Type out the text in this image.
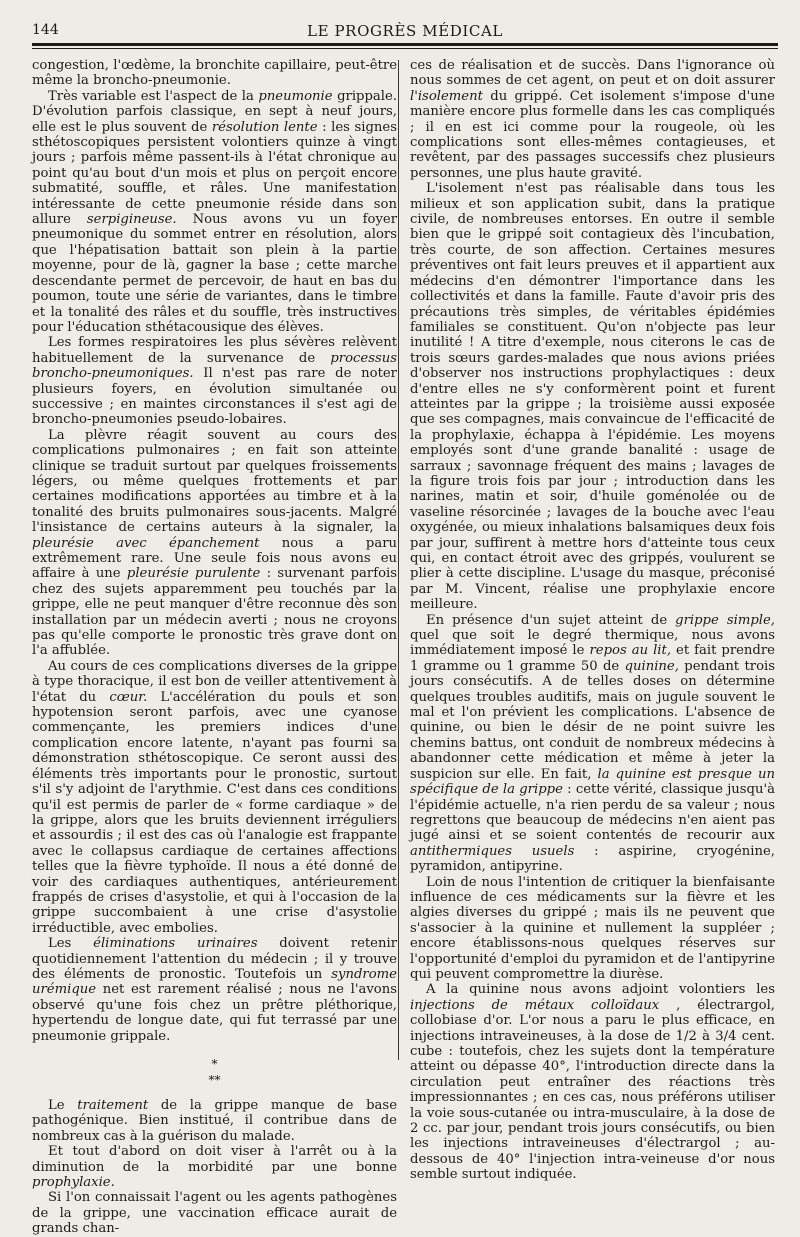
144	LE PROGRÈS MÉDICAL

congestion, l'œdème, la bronchite capillaire, peut-être même la broncho-pneumonie.

Très variable est l'aspect de la pneumonie grippale. D'évolution parfois classique, en sept à neuf jours, elle est le plus souvent de résolution lente : les signes sthétoscopiques persistent volontiers quinze à vingt jours ; parfois même passent-ils à l'état chronique au point qu'au bout d'un mois et plus on perçoit encore submatité, souffle, et râles. Une manifestation intéressante de cette pneumonie réside dans son allure serpigineuse. Nous avons vu un foyer pneumonique du sommet entrer en résolution, alors que l'hépatisation battait son plein à la partie moyenne, pour de là, gagner la base ; cette marche descendante permet de percevoir, de haut en bas du poumon, toute une série de variantes, dans le timbre et la tonalité des râles et du souffle, très instructives pour l'éducation sthétacousique des élèves.

Les formes respiratoires les plus sévères relèvent habituellement de la survenance de processus broncho-pneumoniques. Il n'est pas rare de noter plusieurs foyers, en évolution simultanée ou successive ; en maintes circonstances il s'est agi de broncho-pneumonies pseudo-lobaires.

La plèvre réagit souvent au cours des complications pulmonaires ; en fait son atteinte clinique se traduit surtout par quelques froissements légers, ou même quelques frottements et par certaines modifications apportées au timbre et à la tonalité des bruits pulmonaires sous-jacents. Malgré l'insistance de certains auteurs à la signaler, la pleurésie avec épanchement nous a paru extrêmement rare. Une seule fois nous avons eu affaire à une pleurésie purulente : survenant parfois chez des sujets apparemment peu touchés par la grippe, elle ne peut manquer d'être reconnue dès son installation par un médecin averti ; nous ne croyons pas qu'elle comporte le pronostic très grave dont on l'a affublée.

Au cours de ces complications diverses de la grippe à type thoracique, il est bon de veiller attentivement à l'état du cœur. L'accélération du pouls et son hypotension seront parfois, avec une cyanose commençante, les premiers indices d'une complication encore latente, n'ayant pas fourni sa démonstration sthétoscopique. Ce seront aussi des éléments très importants pour le pronostic, surtout s'il s'y adjoint de l'arythmie. C'est dans ces conditions qu'il est permis de parler de « forme cardiaque » de la grippe, alors que les bruits deviennent irréguliers et assourdis ; il est des cas où l'analogie est frappante avec le collapsus cardiaque de certaines affections telles que la fièvre typhoïde. Il nous a été donné de voir des cardiaques authentiques, antérieurement frappés de crises d'asystolie, et qui à l'occasion de la grippe succombaient à une crise d'asystolie irréductible, avec embolies.

Les éliminations urinaires doivent retenir quotidiennement l'attention du médecin ; il y trouve des éléments de pronostic. Toutefois un syndrome urémique net est rarement réalisé ; nous ne l'avons observé qu'une fois chez un prêtre pléthorique, hypertendu de longue date, qui fut terrassé par une pneumonie grippale.

*
**

Le traitement de la grippe manque de base pathogénique. Bien institué, il contribue dans de nombreux cas à la guérison du malade.

Et tout d'abord on doit viser à l'arrêt ou à la diminution de la morbidité par une bonne prophylaxie.

Si l'on connaissait l'agent ou les agents pathogènes de la grippe, une vaccination efficace aurait de grands chan-

ces de réalisation et de succès. Dans l'ignorance où nous sommes de cet agent, on peut et on doit assurer l'isolement du grippé. Cet isolement s'impose d'une manière encore plus formelle dans les cas compliqués ; il en est ici comme pour la rougeole, où les complications sont elles-mêmes contagieuses, et revêtent, par des passages successifs chez plusieurs personnes, une plus haute gravité.

L'isolement n'est pas réalisable dans tous les milieux et son application subit, dans la pratique civile, de nombreuses entorses. En outre il semble bien que le grippé soit contagieux dès l'incubation, très courte, de son affection. Certaines mesures préventives ont fait leurs preuves et il appartient aux médecins d'en démontrer l'importance dans les collectivités et dans la famille. Faute d'avoir pris des précautions très simples, de véritables épidémies familiales se constituent. Qu'on n'objecte pas leur inutilité ! A titre d'exemple, nous citerons le cas de trois sœurs gardes-malades que nous avions priées d'observer nos instructions prophylactiques : deux d'entre elles ne s'y conformèrent point et furent atteintes par la grippe ; la troisième aussi exposée que ses compagnes, mais convaincue de l'efficacité de la prophylaxie, échappa à l'épidémie. Les moyens employés sont d'une grande banalité : usage de sarraux ; savonnage fréquent des mains ; lavages de la figure trois fois par jour ; introduction dans les narines, matin et soir, d'huile goménolée ou de vaseline résorcinée ; lavages de la bouche avec l'eau oxygénée, ou mieux inhalations balsamiques deux fois par jour, suffirent à mettre hors d'atteinte tous ceux qui, en contact étroit avec des grippés, voulurent se plier à cette discipline. L'usage du masque, préconisé par M. Vincent, réalise une prophylaxie encore meilleure.

En présence d'un sujet atteint de grippe simple, quel que soit le degré thermique, nous avons immédiatement imposé le repos au lit, et fait prendre 1 gramme ou 1 gramme 50 de quinine, pendant trois jours consécutifs. A de telles doses on détermine quelques troubles auditifs, mais on jugule souvent le mal et l'on prévient les complications. L'absence de quinine, ou bien le désir de ne point suivre les chemins battus, ont conduit de nombreux médecins à abandonner cette médication et même à jeter la suspicion sur elle. En fait, la quinine est presque un spécifique de la grippe : cette vérité, classique jusqu'à l'épidémie actuelle, n'a rien perdu de sa valeur ; nous regrettons que beaucoup de médecins n'en aient pas jugé ainsi et se soient contentés de recourir aux antithermiques usuels : aspirine, cryogénine, pyramidon, antipyrine.

Loin de nous l'intention de critiquer la bienfaisante influence de ces médicaments sur la fièvre et les algies diverses du grippé ; mais ils ne peuvent que s'associer à la quinine et nullement la suppléer ; encore établissons-nous quelques réserves sur l'opportunité d'emploi du pyramidon et de l'antipyrine qui peuvent compromettre la diurèse.

A la quinine nous avons adjoint volontiers les injections de métaux colloïdaux , électrargol, collobiase d'or. L'or nous a paru le plus efficace, en injections intraveineuses, à la dose de 1/2 à 3/4 cent. cube : toutefois, chez les sujets dont la température atteint ou dépasse 40°, l'introduction directe dans la circulation peut entraîner des réactions très impressionnantes ; en ces cas, nous préférons utiliser la voie sous-cutanée ou intra-musculaire, à la dose de 2 cc. par jour, pendant trois jours consécutifs, ou bien les injections intraveineuses d'électrargol ; au-dessous de 40° l'injection intra-veineuse d'or nous semble surtout indiquée.
